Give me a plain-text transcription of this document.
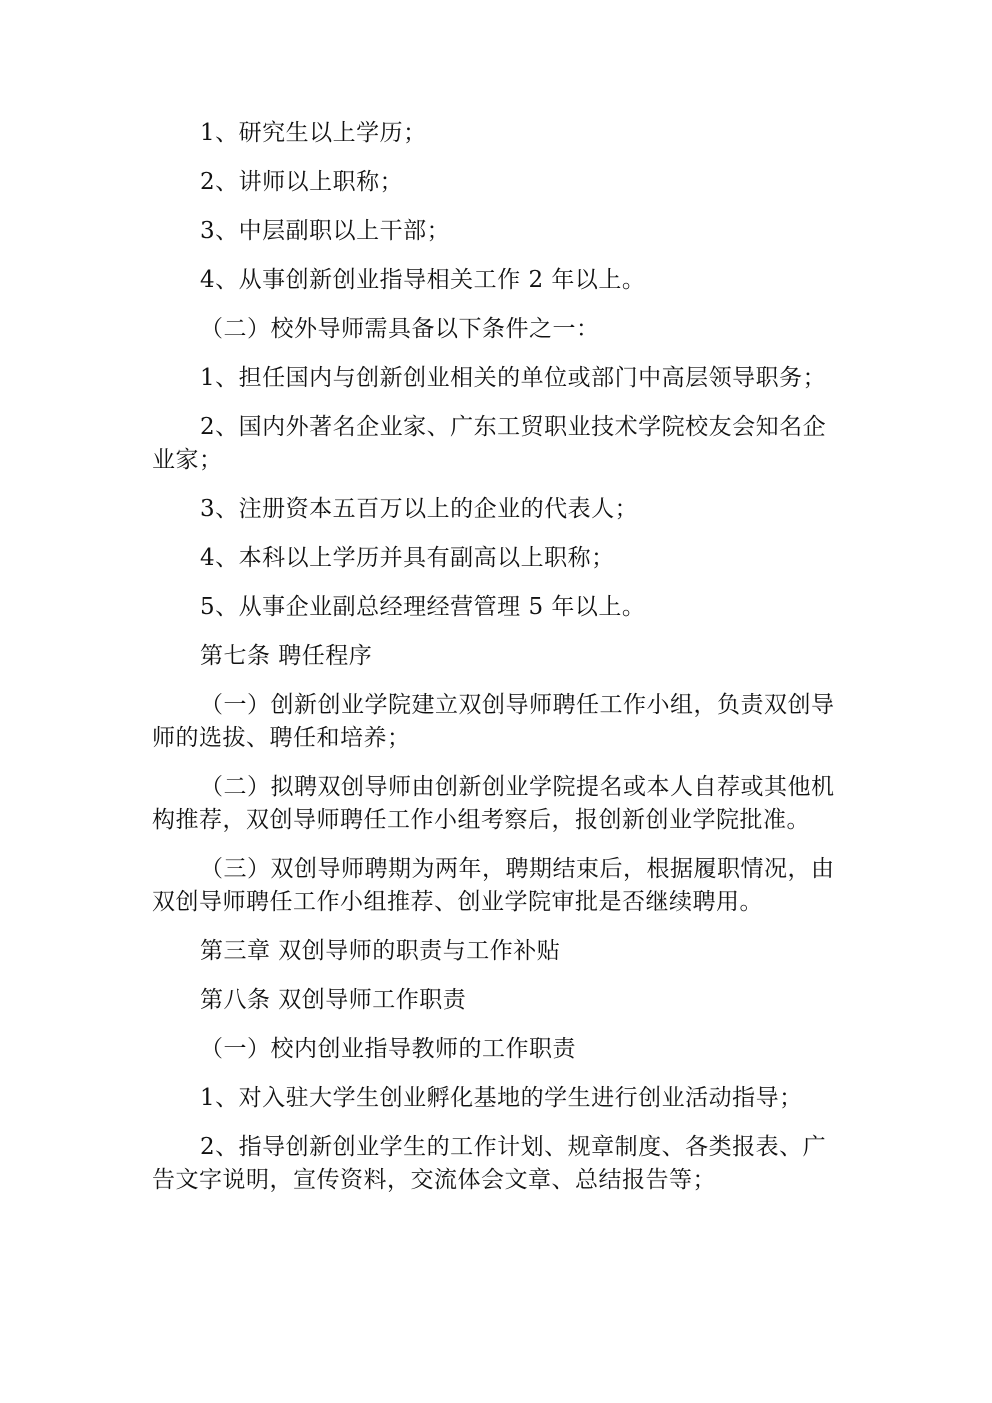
1、研究生以上学历；

2、讲师以上职称；

3、中层副职以上干部；

4、从事创新创业指导相关工作 2 年以上。

（二）校外导师需具备以下条件之一：

1、担任国内与创新创业相关的单位或部门中高层领导职务；

2、国内外著名企业家、广东工贸职业技术学院校友会知名企业家；

3、注册资本五百万以上的企业的代表人；

4、本科以上学历并具有副高以上职称；

5、从事企业副总经理经营管理 5 年以上。

第七条 聘任程序

（一）创新创业学院建立双创导师聘任工作小组，负责双创导师的选拔、聘任和培养；

（二）拟聘双创导师由创新创业学院提名或本人自荐或其他机构推荐，双创导师聘任工作小组考察后，报创新创业学院批准。

（三）双创导师聘期为两年，聘期结束后，根据履职情况，由双创导师聘任工作小组推荐、创业学院审批是否继续聘用。

第三章 双创导师的职责与工作补贴

第八条 双创导师工作职责

（一）校内创业指导教师的工作职责

1、对入驻大学生创业孵化基地的学生进行创业活动指导；

2、指导创新创业学生的工作计划、规章制度、各类报表、广告文字说明，宣传资料，交流体会文章、总结报告等；
